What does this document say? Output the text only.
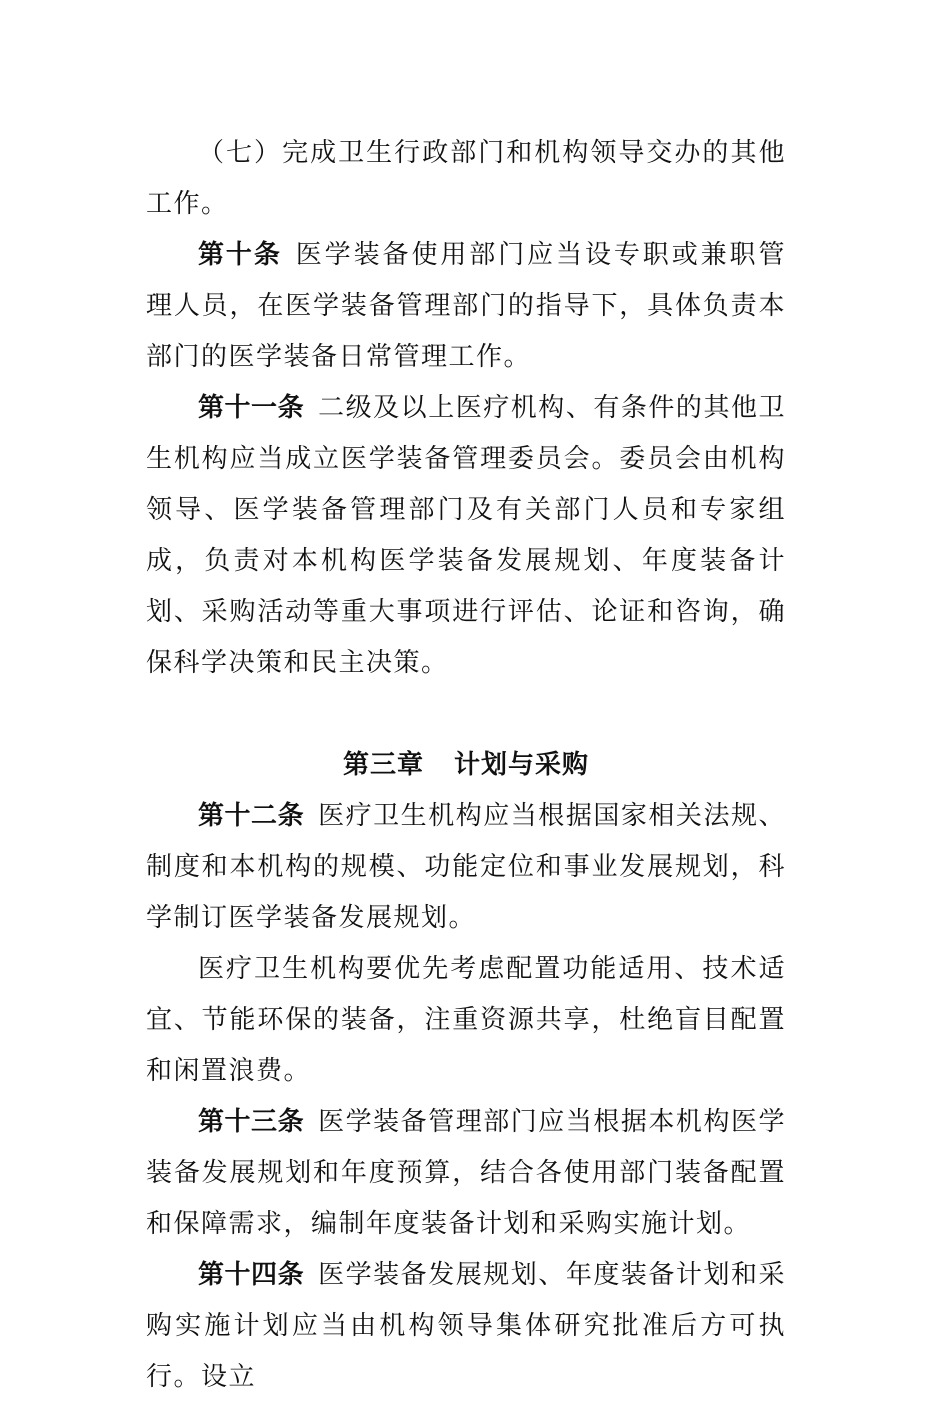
（七）完成卫生行政部门和机构领导交办的其他工作。

第十条 医学装备使用部门应当设专职或兼职管理人员，在医学装备管理部门的指导下，具体负责本部门的医学装备日常管理工作。

第十一条 二级及以上医疗机构、有条件的其他卫生机构应当成立医学装备管理委员会。委员会由机构领导、医学装备管理部门及有关部门人员和专家组成，负责对本机构医学装备发展规划、年度装备计划、采购活动等重大事项进行评估、论证和咨询，确保科学决策和民主决策。

第三章 计划与采购

第十二条 医疗卫生机构应当根据国家相关法规、制度和本机构的规模、功能定位和事业发展规划，科学制订医学装备发展规划。

医疗卫生机构要优先考虑配置功能适用、技术适宜、节能环保的装备，注重资源共享，杜绝盲目配置和闲置浪费。

第十三条 医学装备管理部门应当根据本机构医学装备发展规划和年度预算，结合各使用部门装备配置和保障需求，编制年度装备计划和采购实施计划。

第十四条 医学装备发展规划、年度装备计划和采购实施计划应当由机构领导集体研究批准后方可执行。设立
